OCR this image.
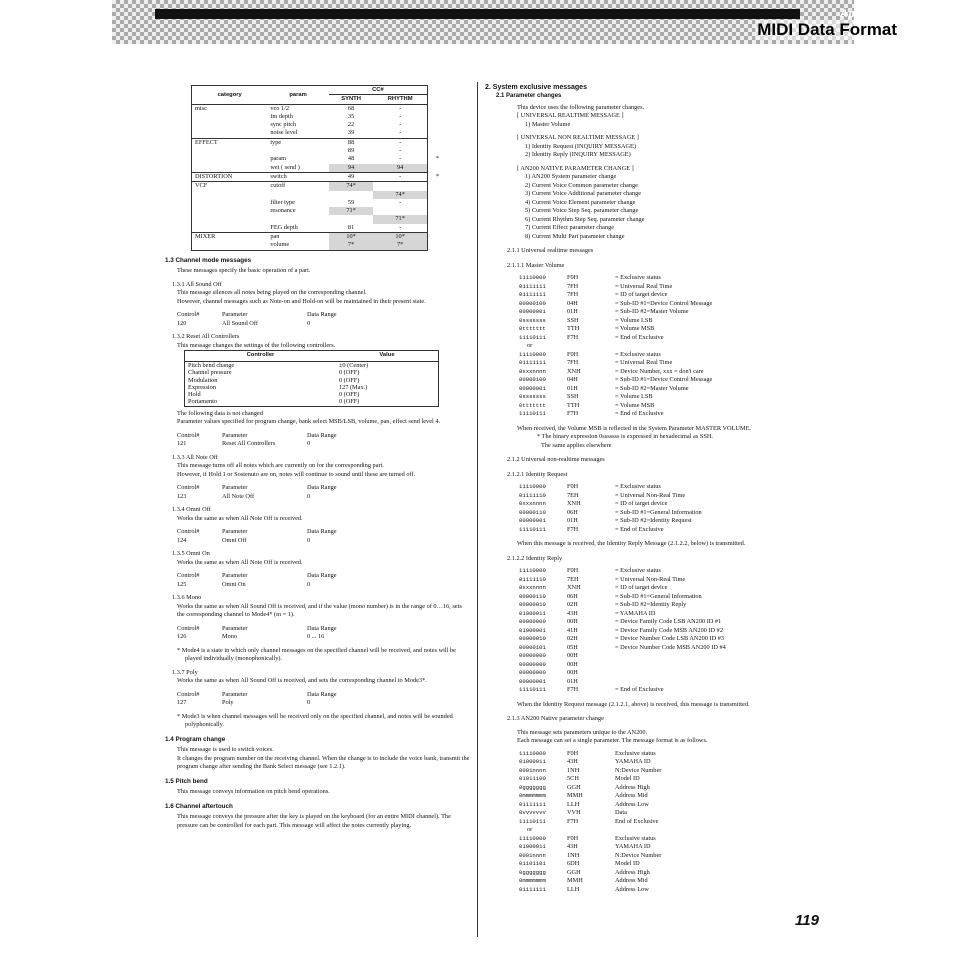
Appendix
MIDI Data Format
119
category	param	CC#	
		SYNTH	RHYTHM
misc	vco 1/2	68	-

	fm depth	35	-

	sync pitch	22	-

	noise level	39	-

EFFECT	type	88	-

		89	-

	param	48	- *

	wet ( send )	94	94

DISTORTION	switch	49	- *

VCF	cutoff	74*	

			74*

	filter type	59	-

	resonance	71*	

			71*

	FEG depth	81	-

MIXER	pan	10*	10*

	volume	7*	7*
1.3 Channel mode messages
These messages specify the basic operation of a part.
1.3.1 All Sound Off
This message silences all notes being played on the corresponding channel.
However, channel messages such as Note-on and Hold-on will be maintained in their present state.
Control#	Parameter	Data Range
120	All Sound Off	0
1.3.2 Reset All Controllers
This message changes the settings of the following controllers.
Controller	Value
Pitch bend change	±0 (Center)
Channel pressure	0 (OFF)
Modulation	0 (OFF)
Expression	127 (Max.)
Hold	0 (OFF)
Portamento	0 (OFF)
The following data is not changed
Parameter values specified for program change, bank select MSB/LSB, volume, pan, effect send level 4.
Control#	Parameter	Data Range
121	Reset All Controllers	0
1.3.3 All Note Off
This message turns off all notes which are currently on for the corresponding part.
However, if Hold 1 or Sostenuto are on, notes will continue to sound until these are turned off.
Control#	Parameter	Data Range
123	All Note Off	0
1.3.4 Omni Off
Works the same as when All Note Off is received.
Control#	Parameter	Data Range
124	Omni Off	0
1.3.5 Omni On
Works the same as when All Note Off is received.
Control#	Parameter	Data Range
125	Omni On	0
1.3.6 Mono
Works the same as when All Sound Off is received, and if the value (mono number) is in the range of 0…16, sets the corresponding channel to Mode4* (m = 1).
Control#	Parameter	Data Range
126	Mono	0 ... 16
* Mode4 is a state in which only channel messages on the specified channel will be received, and notes will be played individually (monophonically).
1.3.7 Poly
Works the same as when All Sound Off is received, and sets the corresponding channel to Mode3*.
Control#	Parameter	Data Range
127	Poly	0
* Mode3 is when channel messages will be received only on the specified channel, and notes will be sounded polyphonically.
1.4 Program change
This message is used to switch voices.
It changes the program number on the receiving channel. When the change is to include the voice bank, transmit the program change after sending the Bank Select message (see 1.2.1).
1.5 Pitch bend
This message conveys information on pitch bend operations.
1.6 Channel aftertouch
This message conveys the pressure after the key is played on the keyboard (for an entire MIDI channel). The pressure can be controlled for each part. This message will affect the notes currently playing.
2. System exclusive messages
2.1 Parameter changes
This device uses the following parameter changes.
[ UNIVERSAL REALTIME MESSAGE ]
1) Master Volume
[ UNIVERSAL NON REALTIME MESSAGE ]
1) Identity Request (INQUIRY MESSAGE)
2) Identity Reply (INQUIRY MESSAGE)
[ AN200 NATIVE PARAMETER CHANGE ]
1) AN200 System parameter change
2) Current Voice Common parameter change
3) Current Voice Additional parameter change
4) Current Voice Element parameter change
5) Current Voice Step Seq. parameter change
6) Current Rhythm Step Seq. parameter change
7) Current Effect parameter change
8) Current Multi Part parameter change
2.1.1 Universal realtime messages
2.1.1.1 Master Volume
11110000	F0H	= Exclusive status
01111111	7FH	= Universal Real Time
01111111	7FH	= ID of target device
00000100	04H	= Sub-ID #1=Device Control Message
00000001	01H	= Sub-ID #2=Master Volume
0sssssss	SSH	= Volume LSB
0ttttttt	TTH	= Volume MSB
11110111	F7H	= End of Exclusive
or
11110000	F0H	= Exclusive status
01111111	7FH	= Universal Real Time
0xxxnnnn	XNH	= Device Number, xxx = don't care
00000100	04H	= Sub-ID #1=Device Control Message
00000001	01H	= Sub-ID #2=Master Volume
0sssssss	SSH	= Volume LSB
0ttttttt	TTH	= Volume MSB
11110111	F7H	= End of Exclusive
When received, the Volume MSB is reflected in the System Parameter MASTER VOLUME.
* The binary expression 0sssssss is expressed in hexadecimal as SSH.
The same applies elsewhere
2.1.2 Universal non-realtime messages
2.1.2.1 Identity Request
11110000	F0H	= Exclusive status
01111110	7EH	= Universal Non-Real Time
0xxxnnnn	XNH	= ID of target device
00000110	06H	= Sub-ID #1=General Information
00000001	01H	= Sub-ID #2=Identity Request
11110111	F7H	= End of Exclusive
When this message is received, the Identity Reply Message (2.1.2.2, below) is transmitted.
2.1.2.2 Identity Reply
11110000	F0H	= Exclusive status
01111110	7EH	= Universal Non-Real Time
0xxxnnnn	XNH	= ID of target device
00000110	06H	= Sub-ID #1=General Information
00000010	02H	= Sub-ID #2=Identity Reply
01000011	43H	= YAMAHA ID
00000000	00H	= Device Family Code LSB AN200 ID #1
01000001	41H	= Device Family Code MSB AN200 ID #2
00000010	02H	= Device Number Code LSB AN200 ID #3
00000101	05H	= Device Number Code MSB AN200 ID #4
00000000	00H
00000000	00H
00000000	00H
00000001	01H
11110111	F7H	= End of Exclusive
When the Identity Request message (2.1.2.1, above) is received, this message is transmitted.
2.1.3 AN200 Native parameter change
This message sets parameters unique to the AN200.
Each message can set a single parameter. The message format is as follows.
11110000	F0H	Exclusive status
01000011	43H	YAMAHA ID
0001nnnn	1NH	N:Device Number
01011100	5CH	Model ID
0ggggggg	GGH	Address High
0mmmmmmm	MMH	Address Mid
01111111	LLH	Address Low
0vvvvvvv	VVH	Data
11110111	F7H	End of Exclusive
or
11110000	F0H	Exclusive status
01000011	43H	YAMAHA ID
0001nnnn	1NH	N:Device Number
01101101	6DH	Model ID
0ggggggg	GGH	Address High
0mmmmmmm	MMH	Address Mid
01111111	LLH	Address Low
